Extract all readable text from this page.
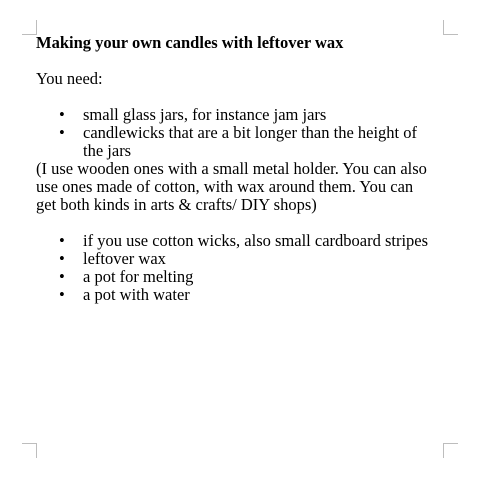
Making your own candles with leftover wax
You need:
• small glass jars, for instance jam jars
• candlewicks that are a bit longer than the height of the jars
(I use wooden ones with a small metal holder. You can also use ones made of cotton, with wax around them. You can get both kinds in arts & crafts/ DIY shops)
• if you use cotton wicks, also small cardboard stripes
• leftover wax
• a pot for melting
• a pot with water
